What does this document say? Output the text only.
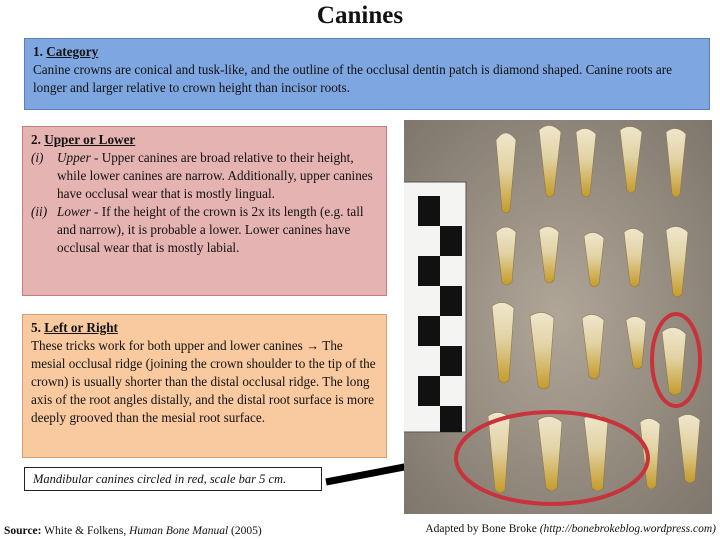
Canines
1. Category

Canine crowns are conical and tusk-like, and the outline of the occlusal dentin patch is diamond shaped. Canine roots are longer and larger relative to crown height than incisor roots.

2. Upper or Lower
(i)	Upper - Upper canines are broad relative to their height, while lower canines are narrow. Additionally, upper canines have occlusal wear that is mostly lingual.
(ii) Lower - If the height of the crown is 2x its length (e.g. tall and narrow), it is probable a lower. Lower canines have occlusal wear that is mostly labial.
5. Left or Right

These tricks work for both upper and lower canines → The mesial occlusal ridge (joining the crown shoulder to the tip of the crown) is usually shorter than the distal occlusal ridge. The long axis of the root angles distally, and the distal root surface is more deeply grooved than the mesial root surface.

Mandibular canines circled in red, scale bar 5 cm.
Source: White & Folkens, Human Bone Manual (2005)	Adapted by Bone Broke (http://bonebrokeblog.wordpress.com)
